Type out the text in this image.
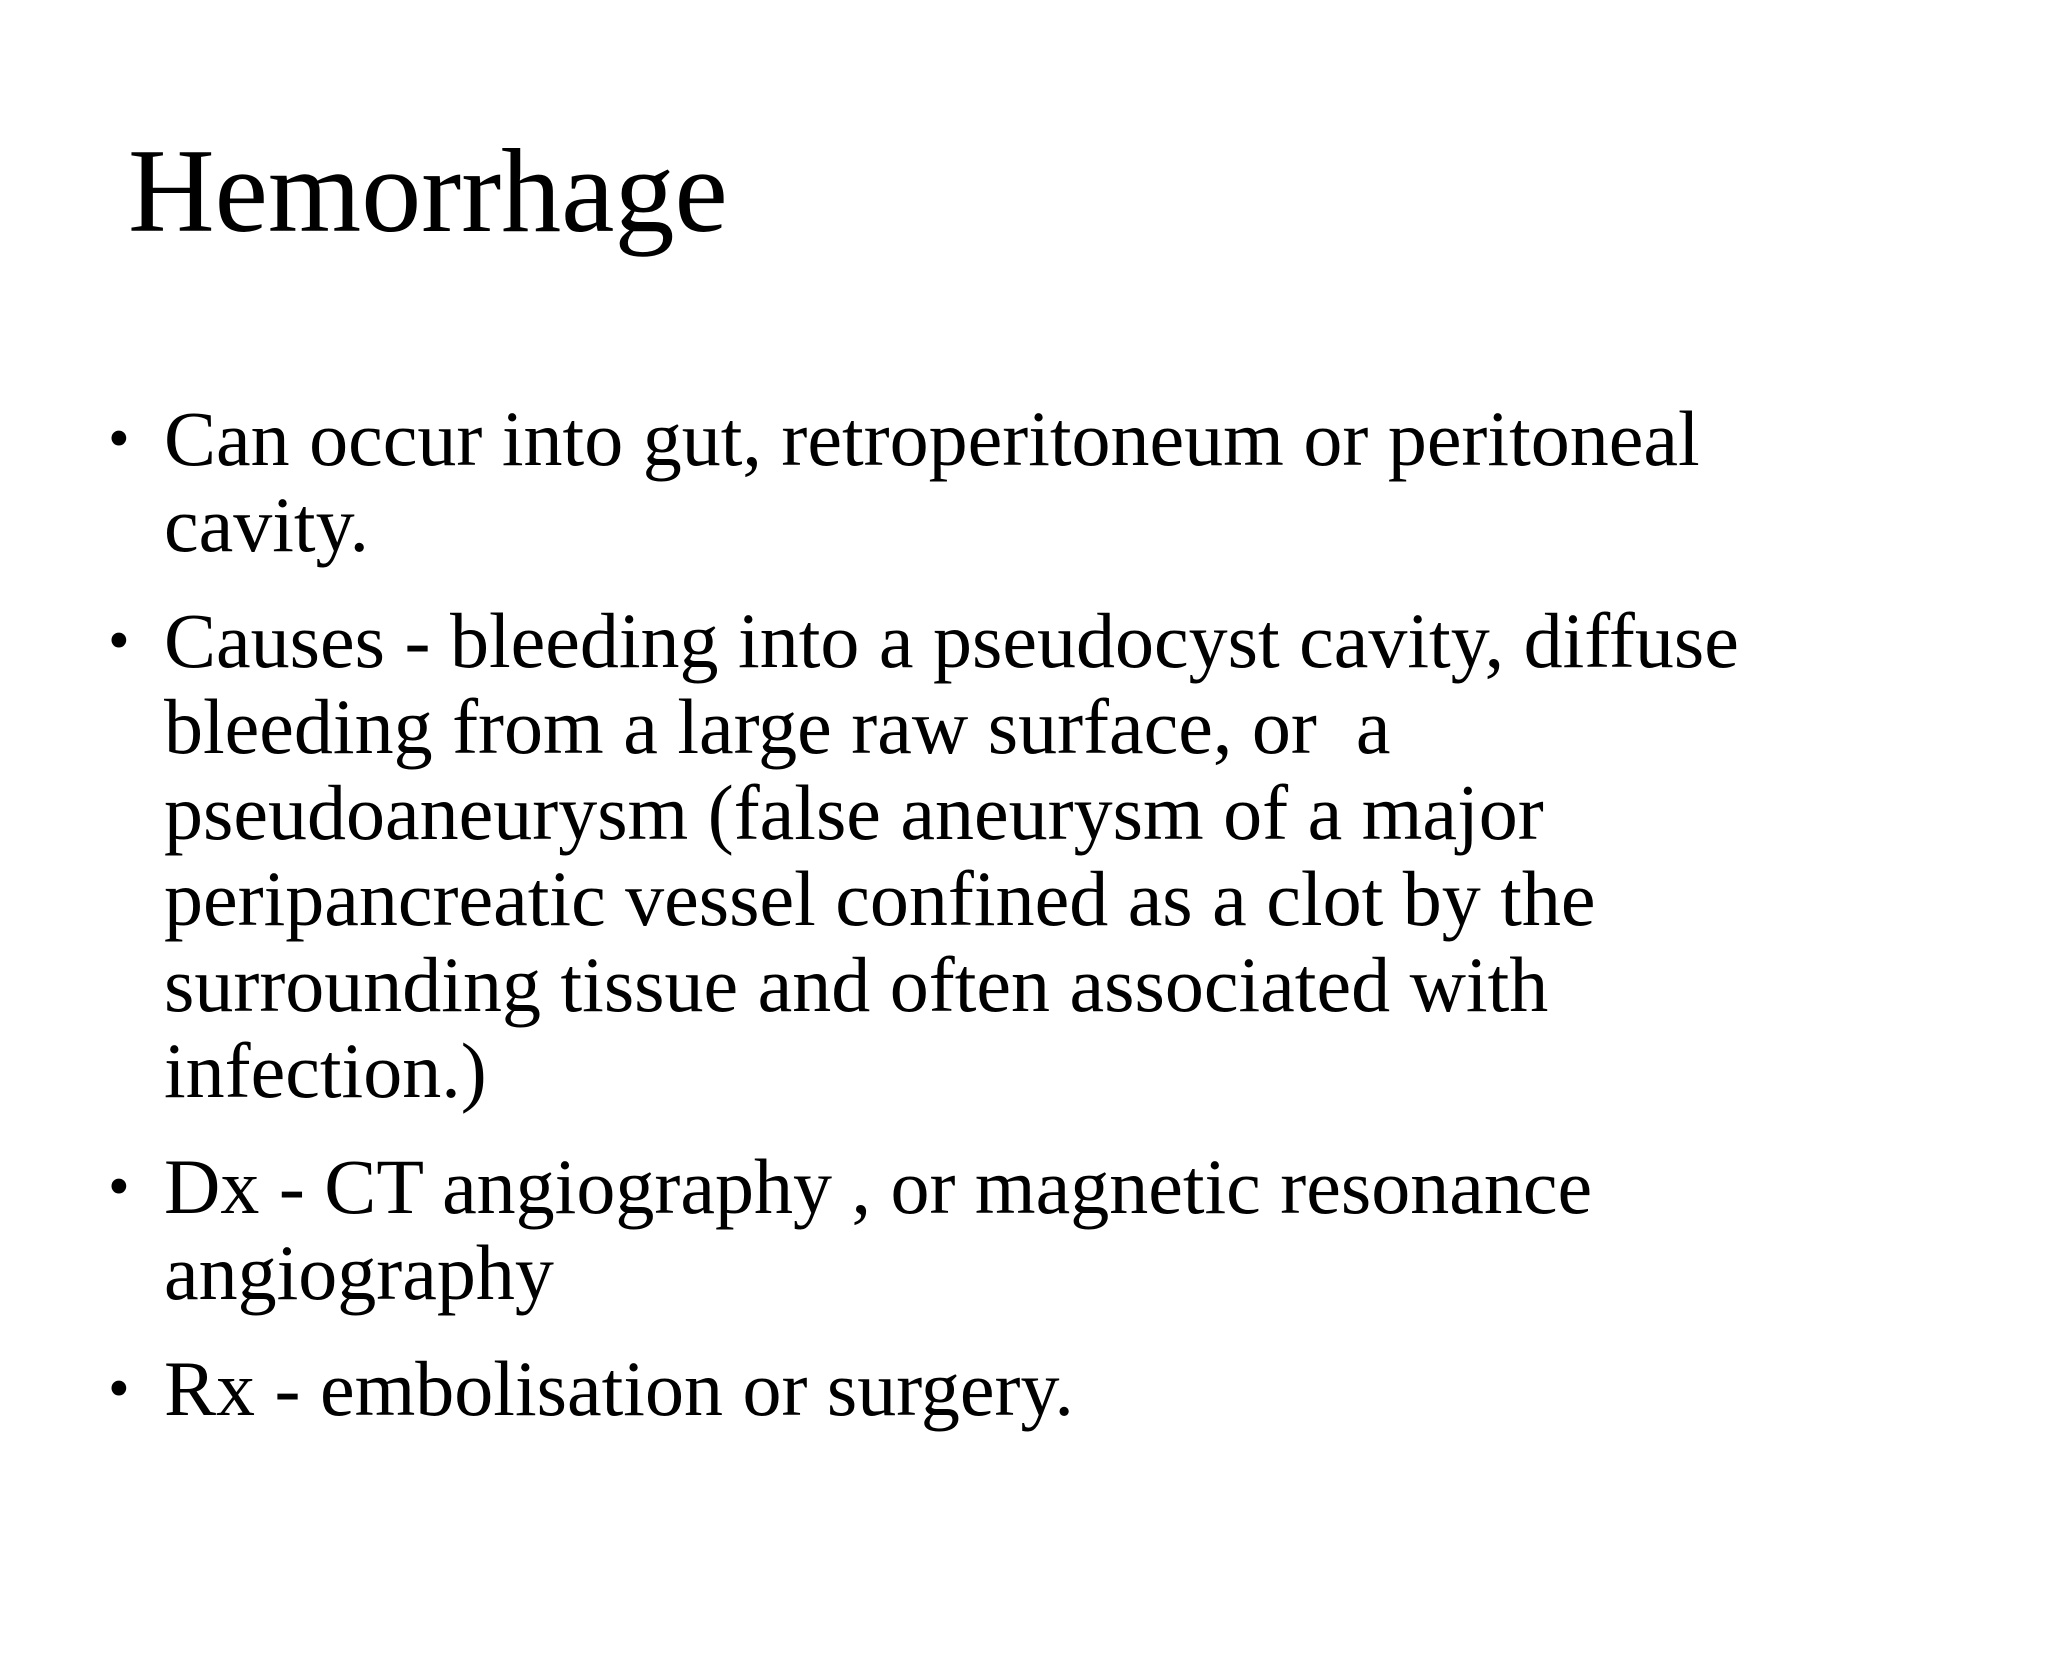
Hemorrhage
• Can occur into gut, retroperitoneum or peritoneal
cavity.
• Causes - bleeding into a pseudocyst cavity, diffuse
bleeding from a large raw surface, or  a
pseudoaneurysm (false aneurysm of a major
peripancreatic vessel confined as a clot by the
surrounding tissue and often associated with
infection.)
• Dx - CT angiography , or magnetic resonance
angiography
• Rx - embolisation or surgery.
